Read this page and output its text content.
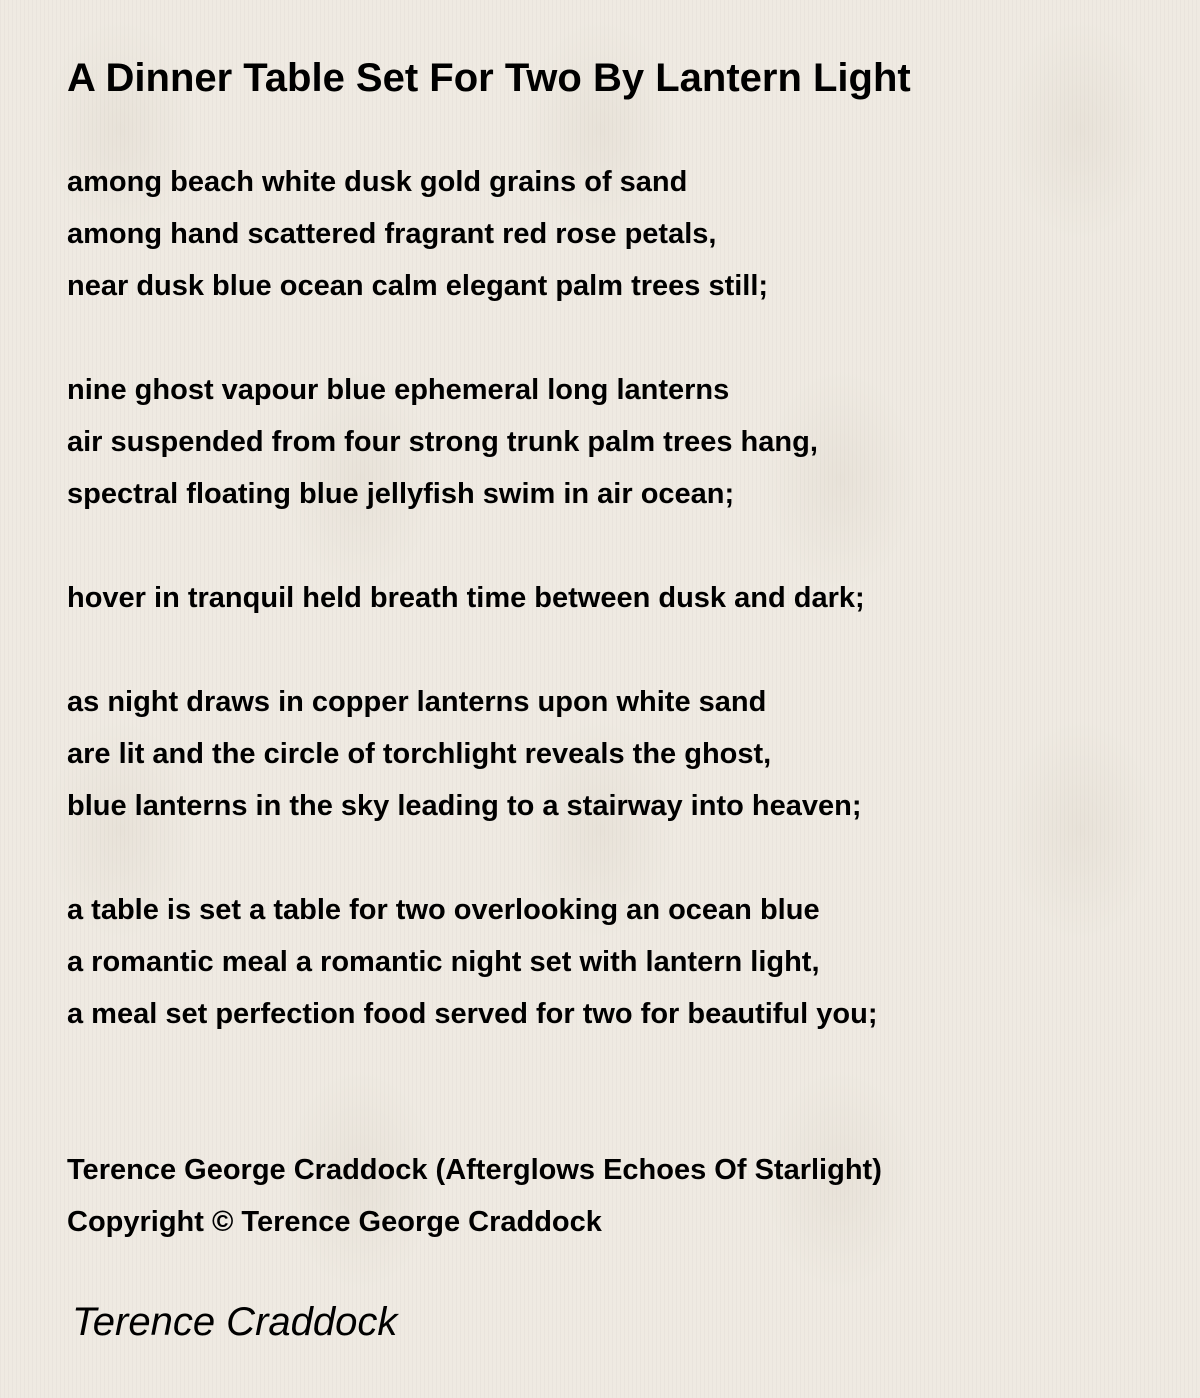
A Dinner Table Set For Two By Lantern Light
among beach white dusk gold grains of sand
among hand scattered fragrant red rose petals,
near dusk blue ocean calm elegant palm trees still;
nine ghost vapour blue ephemeral long lanterns
air suspended from four strong trunk palm trees hang,
spectral floating blue jellyfish swim in air ocean;
hover in tranquil held breath time between dusk and dark;
as night draws in copper lanterns upon white sand
are lit and the circle of torchlight reveals the ghost,
blue lanterns in the sky leading to a stairway into heaven;
a table is set a table for two overlooking an ocean blue
a romantic meal a romantic night set with lantern light,
a meal set perfection food served for two for beautiful you;
Terence George Craddock (Afterglows Echoes Of Starlight)
Copyright © Terence George Craddock
Terence Craddock
